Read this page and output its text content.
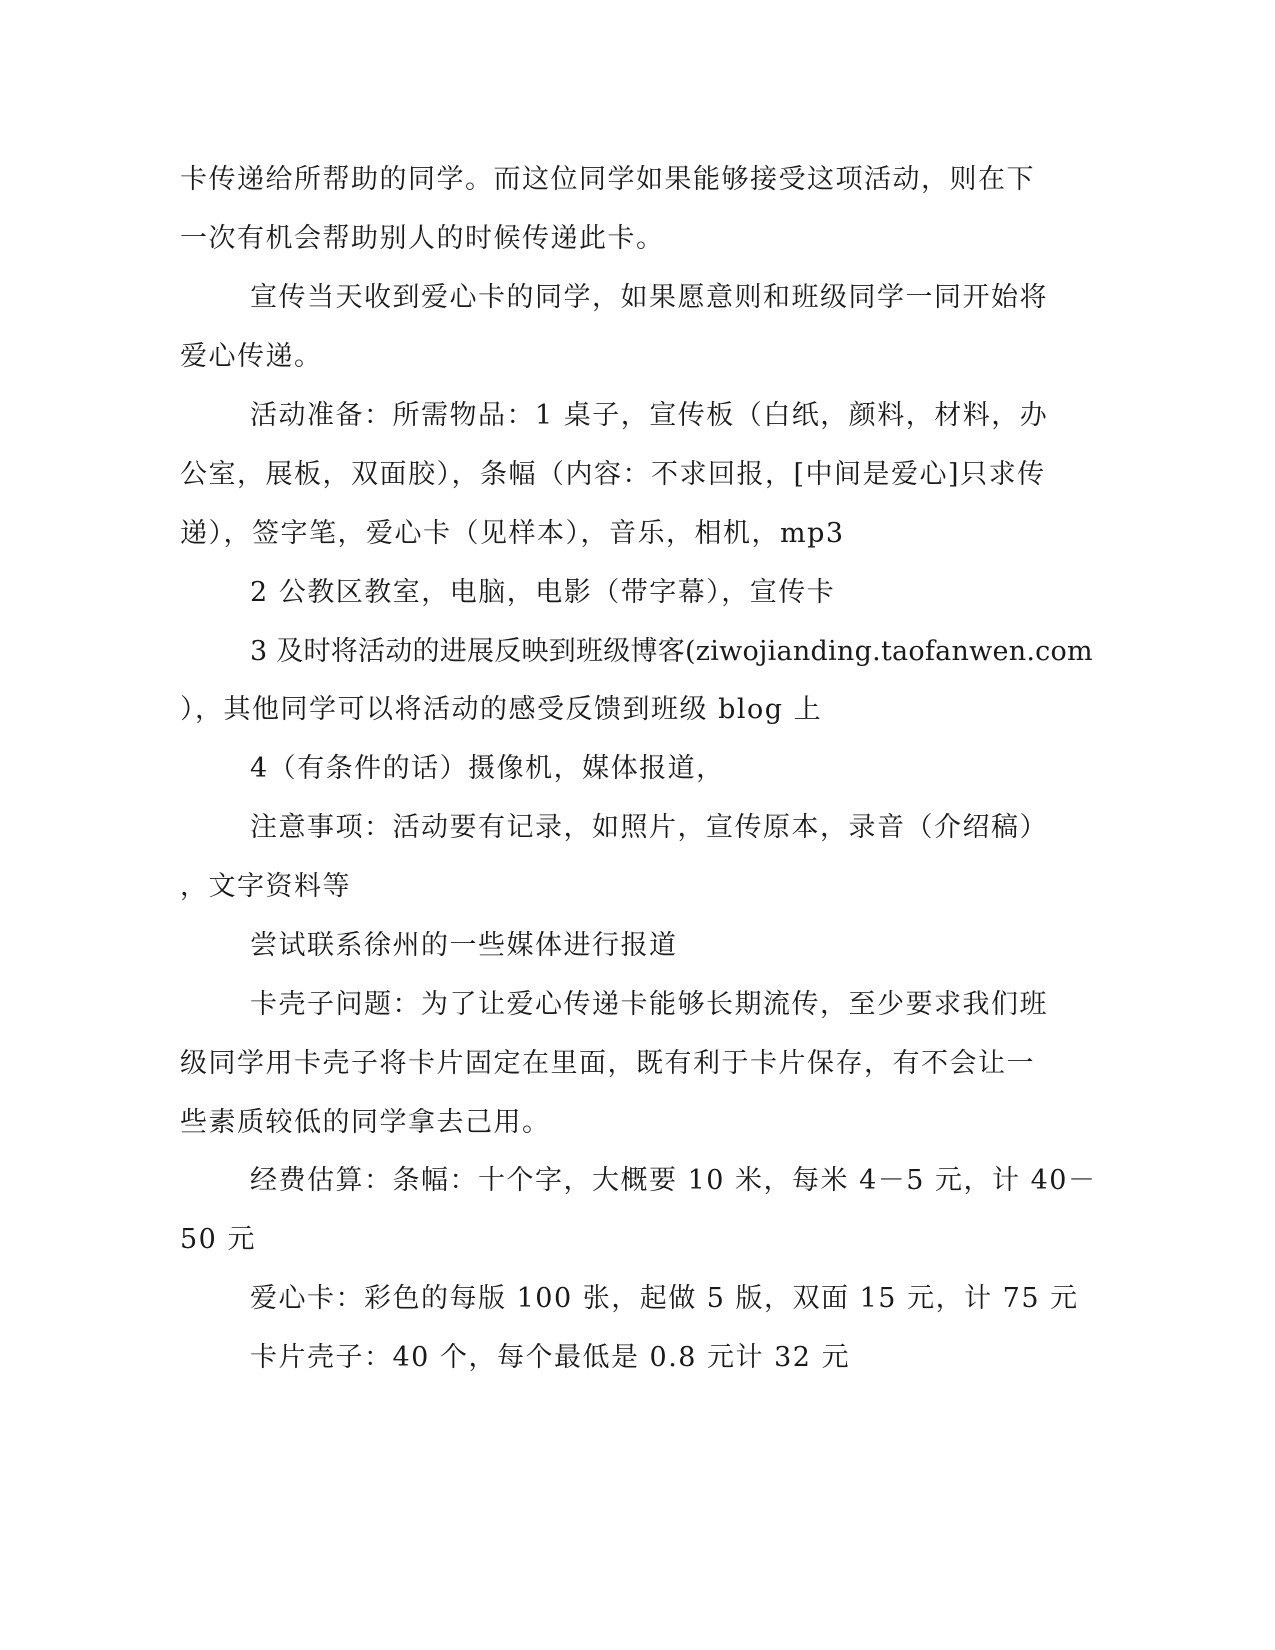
卡传递给所帮助的同学。而这位同学如果能够接受这项活动，则在下
一次有机会帮助别人的时候传递此卡。
宣传当天收到爱心卡的同学，如果愿意则和班级同学一同开始将
爱心传递。
活动准备：所需物品：1 桌子，宣传板（白纸，颜料，材料，办
公室，展板，双面胶），条幅（内容：不求回报，[中间是爱心]只求传
递），签字笔，爱心卡（见样本），音乐，相机，mp3
2 公教区教室，电脑，电影（带字幕），宣传卡
3 及时将活动的进展反映到班级博客(ziwojianding.taofanwen.com
），其他同学可以将活动的感受反馈到班级 blog 上
4（有条件的话）摄像机，媒体报道，
注意事项：活动要有记录，如照片，宣传原本，录音（介绍稿）
，文字资料等
尝试联系徐州的一些媒体进行报道
卡壳子问题：为了让爱心传递卡能够长期流传，至少要求我们班
级同学用卡壳子将卡片固定在里面，既有利于卡片保存，有不会让一
些素质较低的同学拿去己用。
经费估算：条幅：十个字，大概要 10 米，每米 4－5 元，计 40－
50 元
爱心卡：彩色的每版 100 张，起做 5 版，双面 15 元，计 75 元
卡片壳子：40 个，每个最低是 0.8 元计 32 元
